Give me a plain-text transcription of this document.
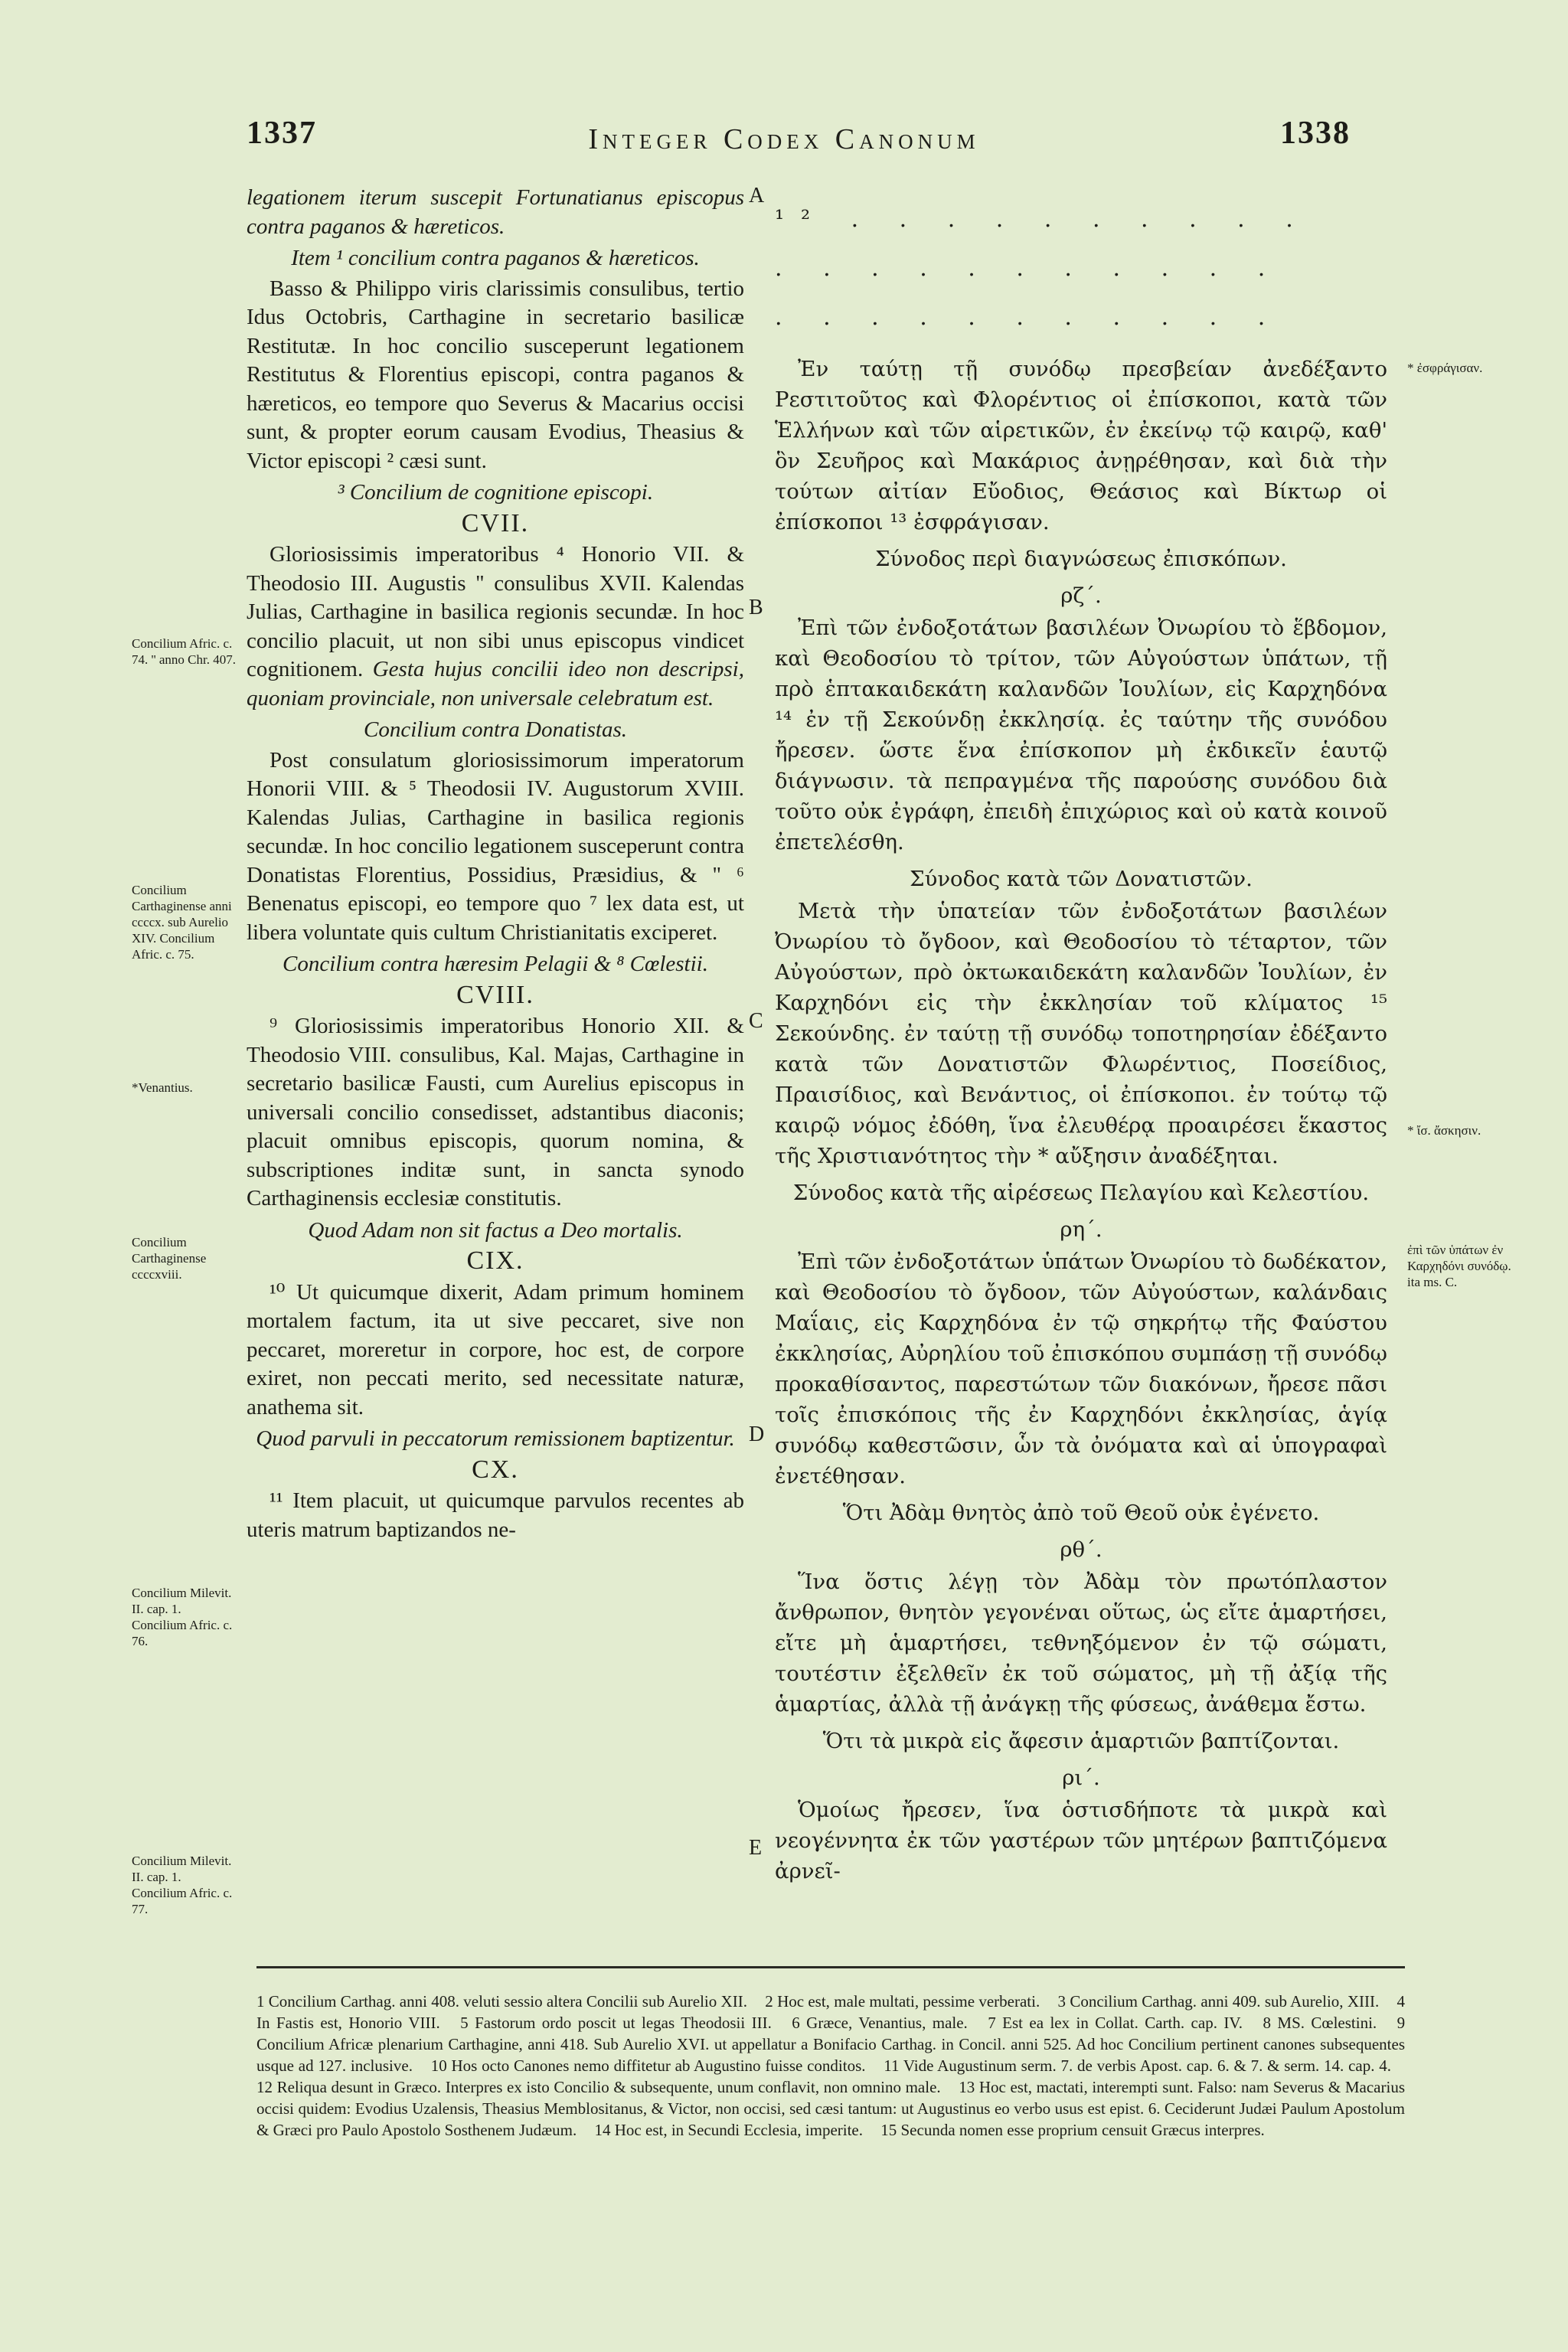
1337	Integer Codex Canonum	1338

legationem iterum suscepit Fortunatianus episcopus contra paganos & hæreticos.

Item ¹ concilium contra paganos & hæreticos.

Basso & Philippo viris clarissimis consulibus, tertio Idus Octobris, Carthagine in secretario basilicæ Restitutæ. In hoc concilio susceperunt legationem Restitutus & Florentius episcopi, contra paganos & hæreticos, eo tempore quo Severus & Macarius occisi sunt, & propter eorum causam Evodius, Theasius & Victor episcopi ² cæsi sunt.

³ Concilium de cognitione episcopi.

CVII.

Gloriosissimis imperatoribus ⁴ Honorio VII. & Theodosio III. Augustis '' consulibus XVII. Kalendas Julias, Carthagine in basilica regionis secundæ. In hoc concilio placuit, ut non sibi unus episcopus vindicet cognitionem. Gesta hujus concilii ideo non descripsi, quoniam provinciale, non universale celebratum est.

Concilium contra Donatistas.

Post consulatum gloriosissimorum imperatorum Honorii VIII. & ⁵ Theodosii IV. Augustorum XVIII. Kalendas Julias, Carthagine in basilica regionis secundæ. In hoc concilio legationem susceperunt contra Donatistas Florentius, Possidius, Præsidius, & '' ⁶ Benenatus episcopi, eo tempore quo ⁷ lex data est, ut libera voluntate quis cultum Christianitatis exciperet.

Concilium contra hæresim Pelagii & ⁸ Cœlestii.

CVIII.

⁹ Gloriosissimis imperatoribus Honorio XII. & Theodosio VIII. consulibus, Kal. Majas, Carthagine in secretario basilicæ Fausti, cum Aurelius episcopus in universali concilio consedisset, adstantibus diaconis; placuit omnibus episcopis, quorum nomina, & subscriptiones inditæ sunt, in sancta synodo Carthaginensis ecclesiæ constitutis.

Quod Adam non sit factus a Deo mortalis.

CIX.

¹⁰ Ut quicumque dixerit, Adam primum hominem mortalem factum, ita ut sive peccaret, sive non peccaret, moreretur in corpore, hoc est, de corpore exiret, non peccati merito, sed necessitate naturæ, anathema sit.

Quod parvuli in peccatorum remissionem baptizentur.

CX.

¹¹ Item placuit, ut quicumque parvulos recentes ab uteris matrum baptizandos ne-

¹² . . . . . . . . . .

. . . . . . . . . . .

. . . . . . . . . . .

Ἐν ταύτῃ τῇ συνόδῳ πρεσβείαν ἀνεδέξαντο Ρεστιτοῦτος καὶ Φλορέντιος οἱ ἐπίσκοποι, κατὰ τῶν Ἑλλήνων καὶ τῶν αἱρετικῶν, ἐν ἐκείνῳ τῷ καιρῷ, καθ' ὃν Σευῆρος καὶ Μακάριος ἀνῃρέθησαν, καὶ διὰ τὴν τούτων αἰτίαν Εὔοδιος, Θεάσιος καὶ Βίκτωρ οἱ ἐπίσκοποι ¹³ ἐσφράγισαν.

Σύνοδος περὶ διαγνώσεως ἐπισκόπων.

ρζ΄.

Ἐπὶ τῶν ἐνδοξοτάτων βασιλέων Ὀνωρίου τὸ ἕβδομον, καὶ Θεοδοσίου τὸ τρίτον, τῶν Αὐγούστων ὑπάτων, τῇ πρὸ ἑπτακαιδεκάτη καλανδῶν Ἰουλίων, εἰς Καρχηδόνα ¹⁴ ἐν τῇ Σεκούνδῃ ἐκκλησίᾳ. ἐς ταύτην τῆς συνόδου ἤρεσεν. ὥστε ἕνα ἐπίσκοπον μὴ ἐκδικεῖν ἑαυτῷ διάγνωσιν. τὰ πεπραγμένα τῆς παρούσης συνόδου διὰ τοῦτο οὐκ ἐγράφη, ἐπειδὴ ἐπιχώριος καὶ οὐ κατὰ κοινοῦ ἐπετελέσθη.

Σύνοδος κατὰ τῶν Δονατιστῶν.

Μετὰ τὴν ὑπατείαν τῶν ἐνδοξοτάτων βασιλέων Ὀνωρίου τὸ ὄγδοον, καὶ Θεοδοσίου τὸ τέταρτον, τῶν Αὐγούστων, πρὸ ὀκτωκαιδεκάτη καλανδῶν Ἰουλίων, ἐν Καρχηδόνι εἰς τὴν ἐκκλησίαν τοῦ κλίματος ¹⁵ Σεκούνδης. ἐν ταύτῃ τῇ συνόδῳ τοποτηρησίαν ἐδέξαντο κατὰ τῶν Δονατιστῶν Φλωρέντιος, Ποσείδιος, Πραισίδιος, καὶ Βενάντιος, οἱ ἐπίσκοποι. ἐν τούτῳ τῷ καιρῷ νόμος ἐδόθη, ἵνα ἐλευθέρᾳ προαιρέσει ἕκαστος τῆς Χριστιανότητος τὴν * αὔξησιν ἀναδέξηται.

Σύνοδος κατὰ τῆς αἱρέσεως Πελαγίου καὶ Κελεστίου.

ρη΄.

Ἐπὶ τῶν ἐνδοξοτάτων ὑπάτων Ὀνωρίου τὸ δωδέκατον, καὶ Θεοδοσίου τὸ ὄγδοον, τῶν Αὐγούστων, καλάνδαις Μαΐαις, εἰς Καρχηδόνα ἐν τῷ σηκρήτῳ τῆς Φαύστου ἐκκλησίας, Αὐρηλίου τοῦ ἐπισκόπου συμπάσῃ τῇ συνόδῳ προκαθίσαντος, παρεστώτων τῶν διακόνων, ἤρεσε πᾶσι τοῖς ἐπισκόποις τῆς ἐν Καρχηδόνι ἐκκλησίας, ἁγίᾳ συνόδῳ καθεστῶσιν, ὧν τὰ ὀνόματα καὶ αἱ ὑπογραφαὶ ἐνετέθησαν.

Ὅτι Ἀδὰμ θνητὸς ἀπὸ τοῦ Θεοῦ οὐκ ἐγένετο.

ρθ΄.

Ἵνα ὅστις λέγῃ τὸν Ἀδὰμ τὸν πρωτόπλαστον ἄνθρωπον, θνητὸν γεγονέναι οὕτως, ὡς εἴτε ἁμαρτήσει, εἴτε μὴ ἁμαρτήσει, τεθνηξόμενον ἐν τῷ σώματι, τουτέστιν ἐξελθεῖν ἐκ τοῦ σώματος, μὴ τῇ ἀξίᾳ τῆς ἁμαρτίας, ἀλλὰ τῇ ἀνάγκῃ τῆς φύσεως, ἀνάθεμα ἔστω.

Ὅτι τὰ μικρὰ εἰς ἄφεσιν ἁμαρτιῶν βαπτίζονται.

ρι΄.

Ὁμοίως ἤρεσεν, ἵνα ὁστισδήποτε τὰ μικρὰ καὶ νεογέννητα ἐκ τῶν γαστέρων τῶν μητέρων βαπτιζόμενα ἀρνεῖ-

A
B
C
D
E
Concilium Afric. c. 74. '' anno Chr. 407.
Concilium Carthaginense anni ccccx. sub Aurelio XIV. Concilium Afric. c. 75.
*Venantius.
Concilium Carthaginense ccccxviii.
Concilium Milevit. II. cap. 1. Concilium Afric. c. 76.
Concilium Milevit. II. cap. 1. Concilium Afric. c. 77.
* ἐσφράγισαν.
* ἴσ. ἄσκησιν.
ἐπὶ τῶν ὑπάτων ἐν Καρχηδόνι συνόδῳ. ita ms. C.
1 Concilium Carthag. anni 408. veluti sessio altera Concilii sub Aurelio XII. 2 Hoc est, male multati, pessime verberati. 3 Concilium Carthag. anni 409. sub Aurelio, XIII. 4 In Fastis est, Honorio VIII. 5 Fastorum ordo poscit ut legas Theodosii III. 6 Græce, Venantius, male. 7 Est ea lex in Collat. Carth. cap. IV. 8 MS. Cœlestini. 9 Concilium Africæ plenarium Carthagine, anni 418. Sub Aurelio XVI. ut appellatur a Bonifacio Carthag. in Concil. anni 525. Ad hoc Concilium pertinent canones subsequentes usque ad 127. inclusive. 10 Hos octo Canones nemo diffitetur ab Augustino fuisse conditos. 11 Vide Augustinum serm. 7. de verbis Apost. cap. 6. & 7. & serm. 14. cap. 4. 12 Reliqua desunt in Græco. Interpres ex isto Concilio & subsequente, unum conflavit, non omnino male. 13 Hoc est, mactati, interempti sunt. Falso: nam Severus & Macarius occisi quidem: Evodius Uzalensis, Theasius Memblositanus, & Victor, non occisi, sed cæsi tantum: ut Augustinus eo verbo usus est epist. 6. Ceciderunt Judæi Paulum Apostolum & Græci pro Paulo Apostolo Sosthenem Judæum. 14 Hoc est, in Secundi Ecclesia, imperite. 15 Secunda nomen esse proprium censuit Græcus interpres.
